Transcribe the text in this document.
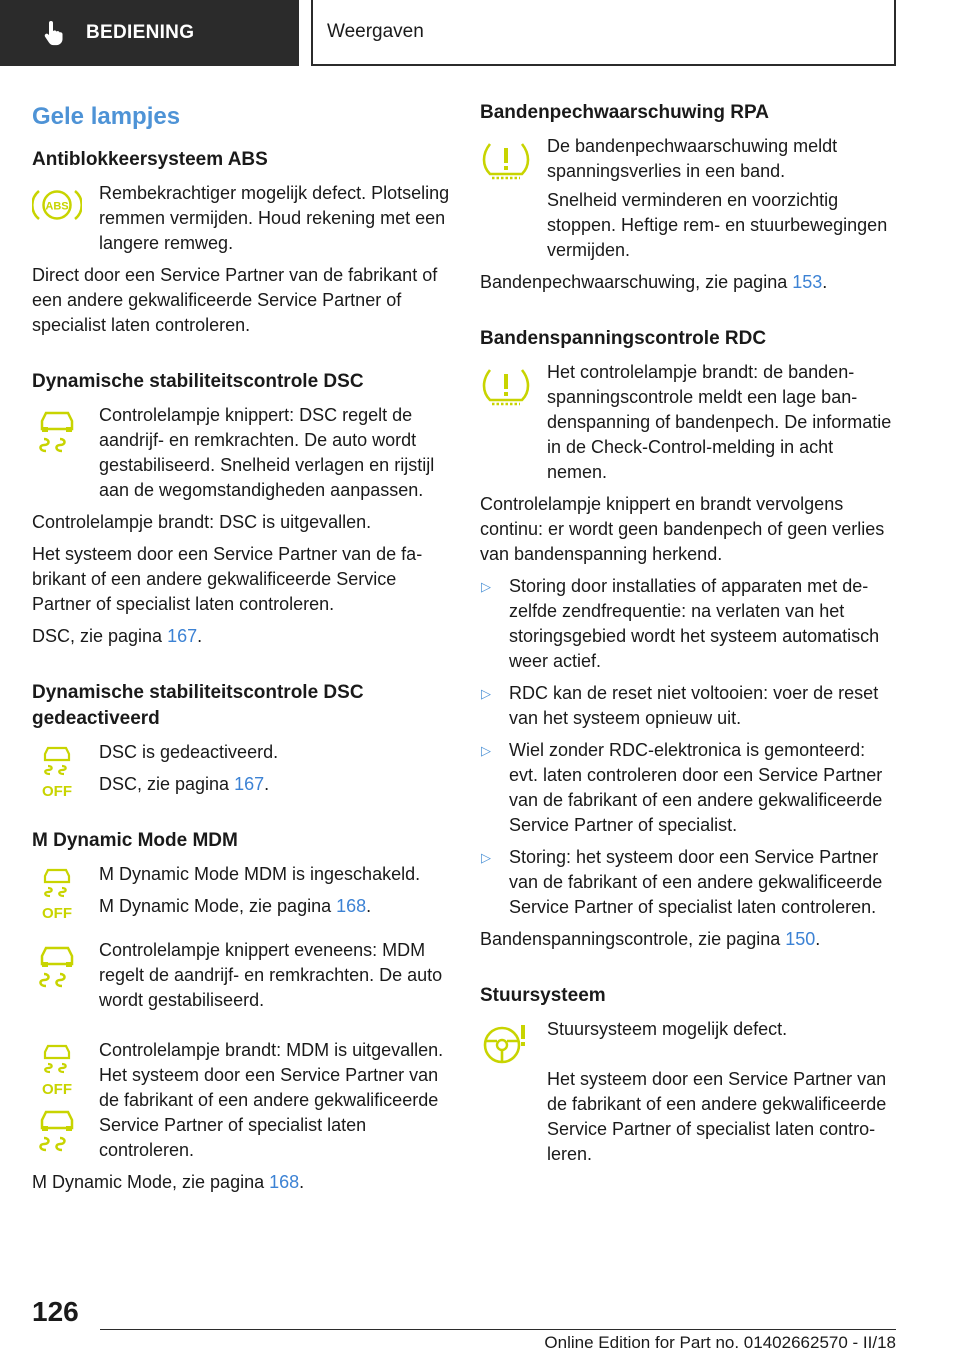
BEDIENING	Weergaven
Gele lampjes
Antiblokkeersysteem ABS
ABS

Rembekrachtiger mogelijk defect. Plotseling remmen vermijden. Houd rekening met een langere remweg.

Direct door een Service Partner van de fabrikant of een andere gekwalificeerde Service Partner of specialist laten controleren.

Dynamische stabiliteitscontrole DSC

Controlelampje knippert: DSC regelt de aandrijf- en remkrachten. De auto wordt gestabiliseerd. Snelheid verlagen en rijstijl aan de wegomstandigheden aanpassen.

Controlelampje brandt: DSC is uitgevallen.

Het systeem door een Service Partner van de fabrikant of een andere gekwalificeerde Service Partner of specialist laten controleren.

DSC, zie pagina 167.

Dynamische stabiliteitscontrole DSC gedeactiveerd
OFF

DSC is gedeactiveerd.

DSC, zie pagina 167.

M Dynamic Mode MDM
OFF

M Dynamic Mode MDM is ingeschakeld.

M Dynamic Mode, zie pagina 168.

Controlelampje knippert eveneens: MDM regelt de aandrijf- en remkrachten. De auto wordt gestabiliseerd.

OFF

Controlelampje brandt: MDM is uitgevallen. Het systeem door een Service Partner van de fabrikant of een andere gekwalificeerde Service Partner of specialist laten controleren.

M Dynamic Mode, zie pagina 168.

Bandenpechwaarschuwing RPA

De bandenpechwaarschuwing meldt spanningsverlies in een band.

Snelheid verminderen en voorzichtig stoppen. Heftige rem- en stuurbewegingen vermijden.

Bandenpechwaarschuwing, zie pagina 153.

Bandenspanningscontrole RDC

Het controlelampje brandt: de bandenspanningscontrole meldt een lage bandenspanning of bandenpech. De informatie in de Check-Control-melding in acht nemen.

Controlelampje knippert en brandt vervolgens continu: er wordt geen bandenpech of geen verlies van bandenspanning herkend.

▷ Storing door installaties of apparaten met dezelfde zendfrequentie: na verlaten van het storingsgebied wordt het systeem automatisch weer actief.
▷ RDC kan de reset niet voltooien: voer de reset van het systeem opnieuw uit.
▷ Wiel zonder RDC-elektronica is gemonteerd: evt. laten controleren door een Service Partner van de fabrikant of een andere gekwalificeerde Service Partner of specialist.
▷ Storing: het systeem door een Service Partner van de fabrikant of een andere gekwalificeerde Service Partner of specialist laten controleren.

Bandenspanningscontrole, zie pagina 150.

Stuursysteem

Stuursysteem mogelijk defect.

Het systeem door een Service Partner van de fabrikant of een andere gekwalificeerde Service Partner of specialist laten controleren.

126
Online Edition for Part no. 01402662570 - II/18
